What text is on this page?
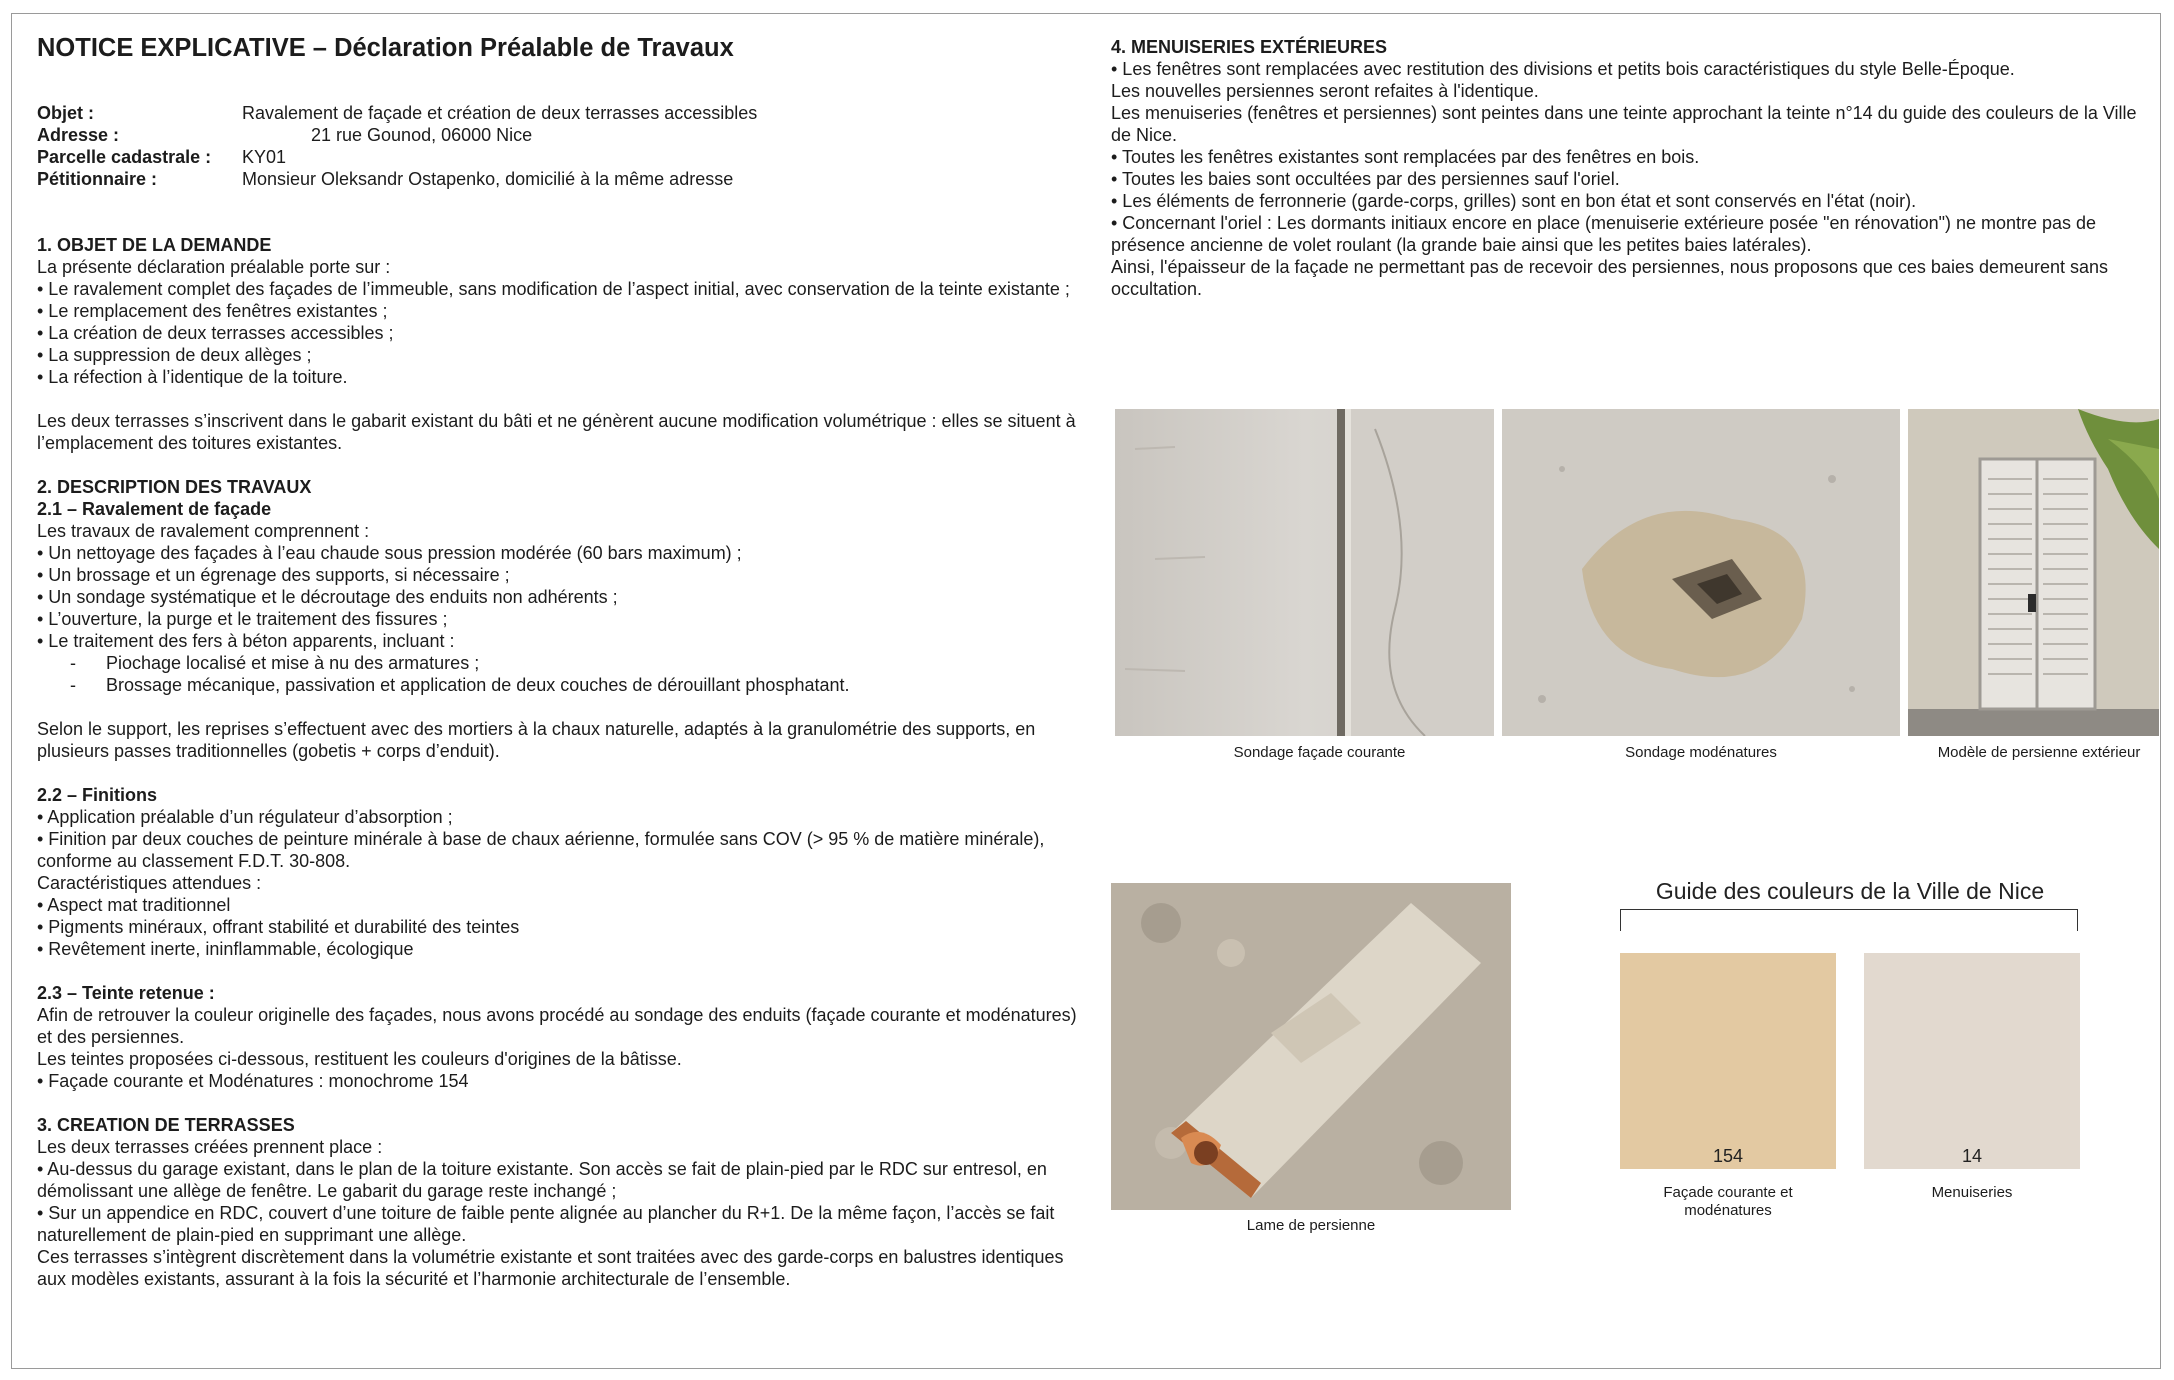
NOTICE EXPLICATIVE – Déclaration Préalable de Travaux
Objet :	Ravalement de façade et création de deux terrasses accessibles
Adresse :	21 rue Gounod, 06000 Nice
Parcelle cadastrale :	KY01
Pétitionnaire :	Monsieur Oleksandr Ostapenko, domicilié à la même adresse

1. OBJET DE LA DEMANDE

La présente déclaration préalable porte sur :

• Le ravalement complet des façades de l’immeuble, sans modification de l’aspect initial, avec conservation de la teinte existante ;

• Le remplacement des fenêtres existantes ;

• La création de deux terrasses accessibles ;

• La suppression de deux allèges ;

• La réfection à l’identique de la toiture.

Les deux terrasses s’inscrivent dans le gabarit existant du bâti et ne génèrent aucune modification volumétrique : elles se situent à l’emplacement des toitures existantes.

2. DESCRIPTION DES TRAVAUX

2.1 – Ravalement de façade

Les travaux de ravalement comprennent :

• Un nettoyage des façades à l’eau chaude sous pression modérée (60 bars maximum) ;

• Un brossage et un égrenage des supports, si nécessaire ;

• Un sondage systématique et le décroutage des enduits non adhérents ;

• L’ouverture, la purge et le traitement des fissures ;

• Le traitement des fers à béton apparents, incluant :

- Piochage localisé et mise à nu des armatures ;

- Brossage mécanique, passivation et application de deux couches de dérouillant phosphatant.

Selon le support, les reprises s’effectuent avec des mortiers à la chaux naturelle, adaptés à la granulométrie des supports, en plusieurs passes traditionnelles (gobetis + corps d’enduit).

2.2 – Finitions

• Application préalable d’un régulateur d’absorption ;

• Finition par deux couches de peinture minérale à base de chaux aérienne, formulée sans COV (> 95 % de matière minérale), conforme au classement F.D.T. 30-808.

Caractéristiques attendues :

• Aspect mat traditionnel

• Pigments minéraux, offrant stabilité et durabilité des teintes

• Revêtement inerte, ininflammable, écologique

2.3 – Teinte retenue :

Afin de retrouver la couleur originelle des façades, nous avons procédé au sondage des enduits (façade courante et modénatures) et des persiennes.

Les teintes proposées ci-dessous, restituent les couleurs d'origines de la bâtisse.

• Façade courante et Modénatures : monochrome 154

3. CREATION DE TERRASSES

Les deux terrasses créées prennent place :

• Au-dessus du garage existant, dans le plan de la toiture existante. Son accès se fait de plain-pied par le RDC sur entresol, en démolissant une allège de fenêtre. Le gabarit du garage reste inchangé ;

• Sur un appendice en RDC, couvert d’une toiture de faible pente alignée au plancher du R+1. De la même façon, l’accès se fait naturellement de plain-pied en supprimant une allège.

Ces terrasses s’intègrent discrètement dans la volumétrie existante et sont traitées avec des garde-corps en balustres identiques aux modèles existants, assurant à la fois la sécurité et l’harmonie architecturale de l’ensemble.

4. MENUISERIES EXTÉRIEURES

• Les fenêtres sont remplacées avec restitution des divisions et petits bois caractéristiques du style Belle-Époque.

Les nouvelles persiennes seront refaites à l'identique.

Les menuiseries (fenêtres et persiennes) sont peintes dans une teinte approchant la teinte n°14 du guide des couleurs de la Ville de Nice.

• Toutes les fenêtres existantes sont remplacées par des fenêtres en bois.

• Toutes les baies sont occultées par des persiennes sauf l'oriel.

• Les éléments de ferronnerie (garde-corps, grilles) sont en bon état et sont conservés en l'état (noir).

• Concernant l'oriel : Les dormants initiaux encore en place (menuiserie extérieure posée "en rénovation") ne montre pas de présence ancienne de volet roulant (la grande baie ainsi que les petites baies latérales).

Ainsi, l'épaisseur de la façade ne permettant pas de recevoir des persiennes, nous proposons que ces baies demeurent sans occultation.

Sondage façade courante	Sondage modénatures	Modèle de persienne extérieur
Lame de persienne
Guide des couleurs de la Ville de Nice
154
Façade courante et modénatures
14
Menuiseries
